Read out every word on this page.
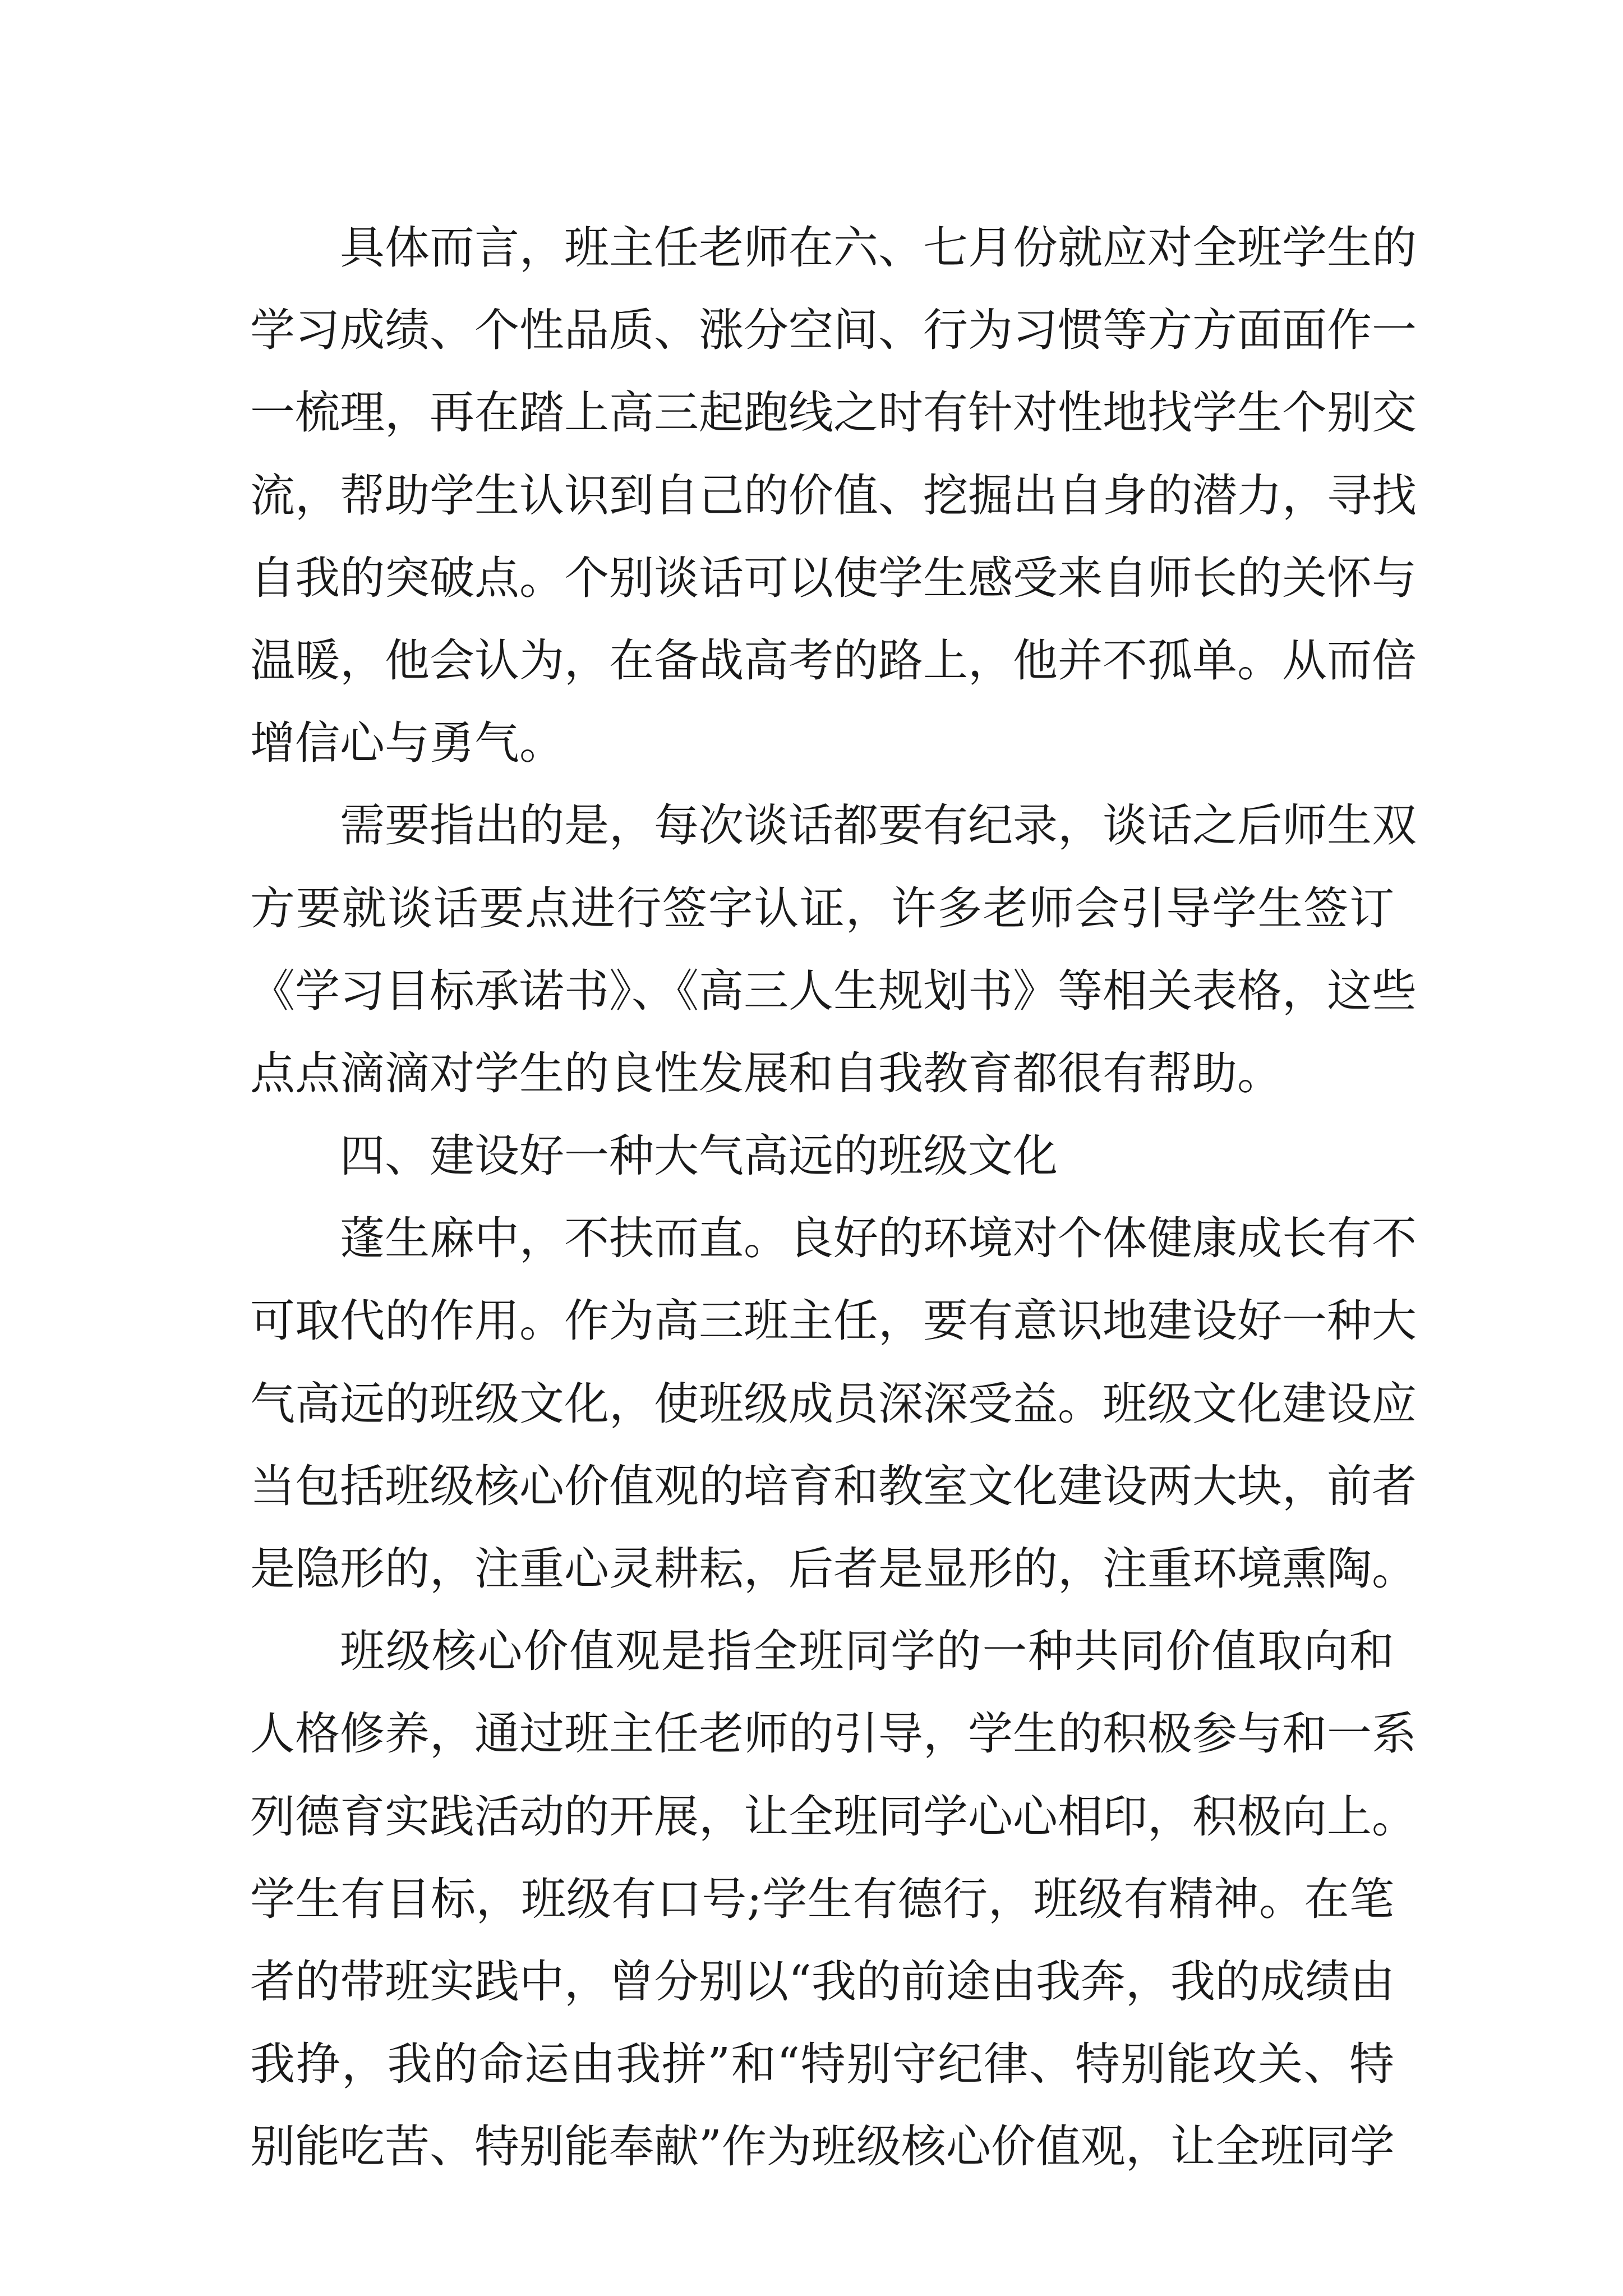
具体而言，班主任老师在六、七月份就应对全班学生的
学习成绩、个性品质、涨分空间、行为习惯等方方面面作一
一梳理，再在踏上高三起跑线之时有针对性地找学生个别交
流，帮助学生认识到自己的价值、挖掘出自身的潜力，寻找
自我的突破点。个别谈话可以使学生感受来自师长的关怀与
温暖，他会认为，在备战高考的路上，他并不孤单。从而倍
增信心与勇气。
需要指出的是，每次谈话都要有纪录，谈话之后师生双
方要就谈话要点进行签字认证，许多老师会引导学生签订
《学习目标承诺书》、《高三人生规划书》等相关表格，这些
点点滴滴对学生的良性发展和自我教育都很有帮助。
四、建设好一种大气高远的班级文化
蓬生麻中，不扶而直。良好的环境对个体健康成长有不
可取代的作用。作为高三班主任，要有意识地建设好一种大
气高远的班级文化，使班级成员深深受益。班级文化建设应
当包括班级核心价值观的培育和教室文化建设两大块，前者
是隐形的，注重心灵耕耘，后者是显形的，注重环境熏陶。
班级核心价值观是指全班同学的一种共同价值取向和
人格修养，通过班主任老师的引导，学生的积极参与和一系
列德育实践活动的开展，让全班同学心心相印，积极向上。
学生有目标，班级有口号;学生有德行，班级有精神。在笔
者的带班实践中，曾分别以“我的前途由我奔，我的成绩由
我挣，我的命运由我拼”和“特别守纪律、特别能攻关、特
别能吃苦、特别能奉献”作为班级核心价值观，让全班同学
